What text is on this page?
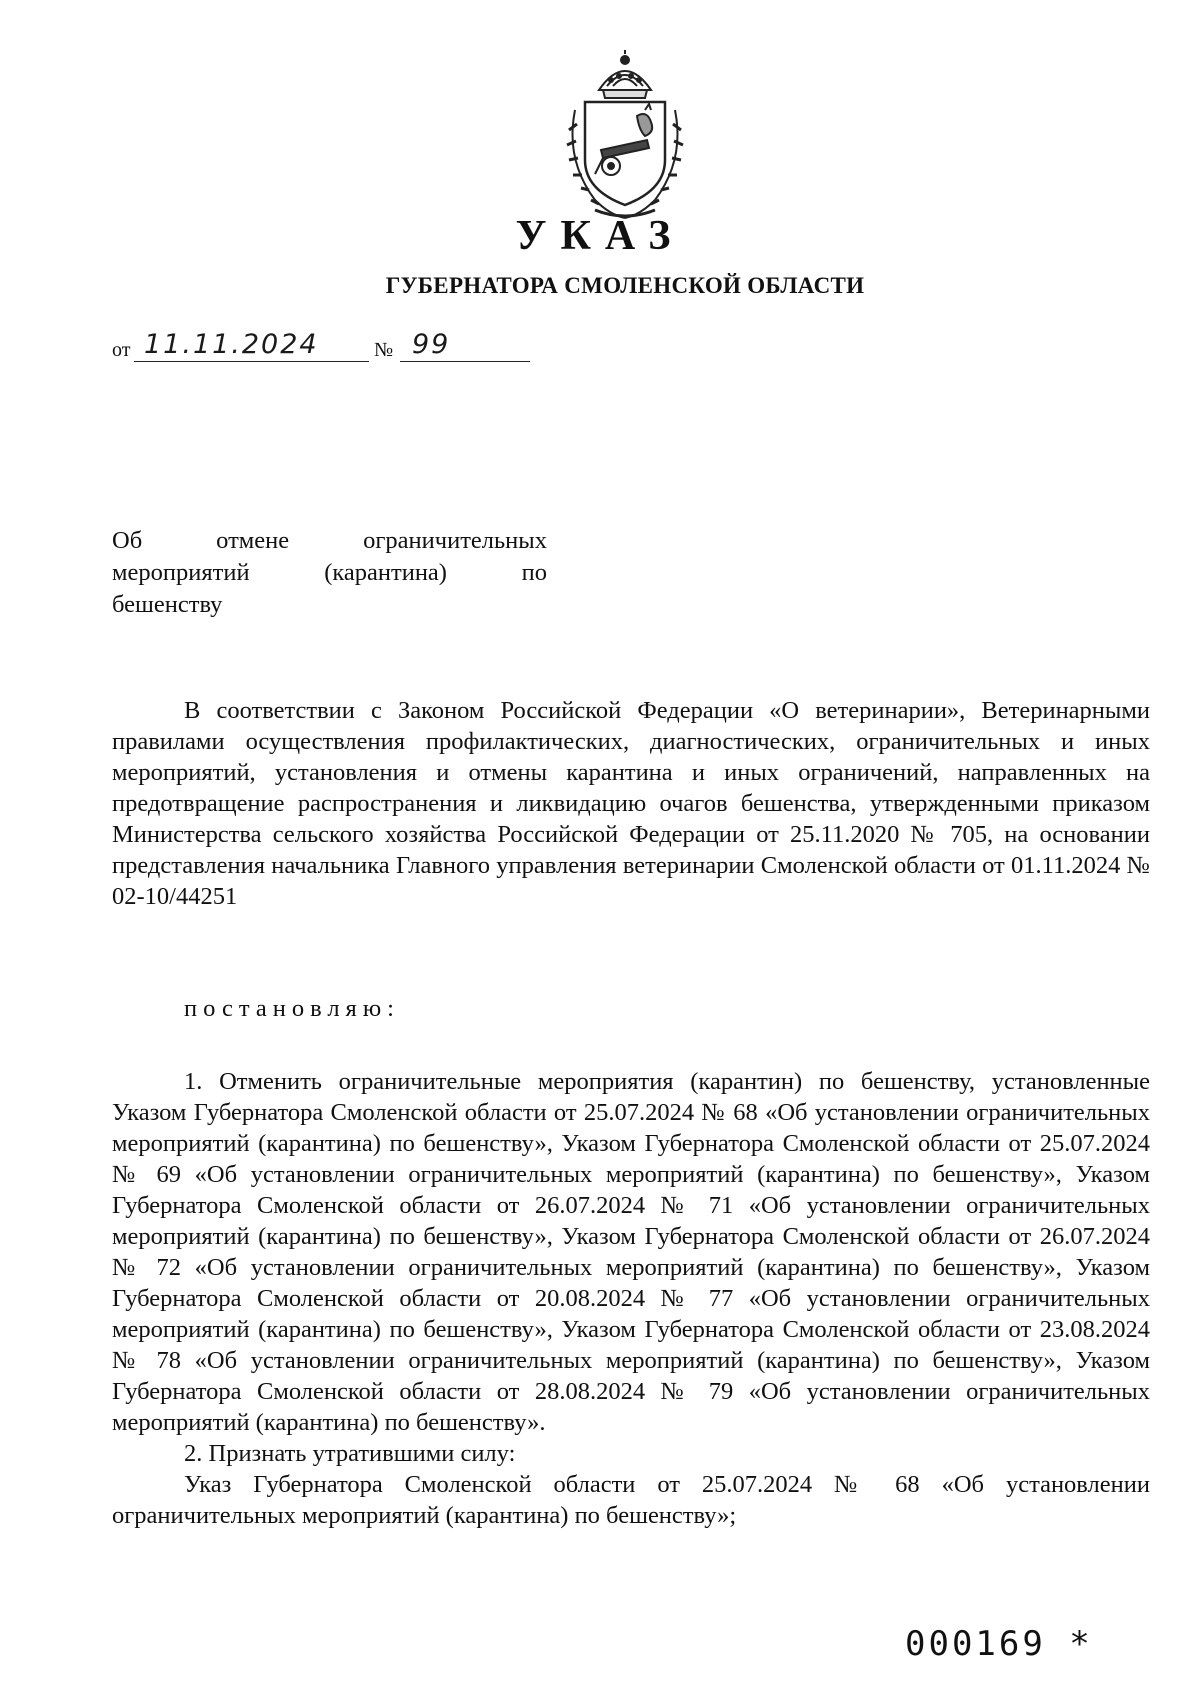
УКАЗ
ГУБЕРНАТОРА СМОЛЕНСКОЙ ОБЛАСТИ
от 11.11.2024	№ 99
Об	отмене	ограничительных
мероприятий	(карантина)	по
бешенству

В соответствии с Законом Российской Федерации «О ветеринарии», Ветеринарными правилами осуществления профилактических, диагностических, ограничительных и иных мероприятий, установления и отмены карантина и иных ограничений, направленных на предотвращение распространения и ликвидацию очагов бешенства, утвержденными приказом Министерства сельского хозяйства Российской Федерации от 25.11.2020 № 705, на основании представления начальника Главного управления ветеринарии Смоленской области от 01.11.2024 № 02-10/44251

постановляю:

1. Отменить ограничительные мероприятия (карантин) по бешенству, установленные Указом Губернатора Смоленской области от 25.07.2024 № 68 «Об установлении ограничительных мероприятий (карантина) по бешенству», Указом Губернатора Смоленской области от 25.07.2024 № 69 «Об установлении ограничительных мероприятий (карантина) по бешенству», Указом Губернатора Смоленской области от 26.07.2024 № 71 «Об установлении ограничительных мероприятий (карантина) по бешенству», Указом Губернатора Смоленской области от 26.07.2024 № 72 «Об установлении ограничительных мероприятий (карантина) по бешенству», Указом Губернатора Смоленской области от 20.08.2024 № 77 «Об установлении ограничительных мероприятий (карантина) по бешенству», Указом Губернатора Смоленской области от 23.08.2024 № 78 «Об установлении ограничительных мероприятий (карантина) по бешенству», Указом Губернатора Смоленской области от 28.08.2024 № 79 «Об установлении ограничительных мероприятий (карантина) по бешенству».

2. Признать утратившими силу:

Указ Губернатора Смоленской области от 25.07.2024 № 68 «Об установлении ограничительных мероприятий (карантина) по бешенству»;

000169 *
